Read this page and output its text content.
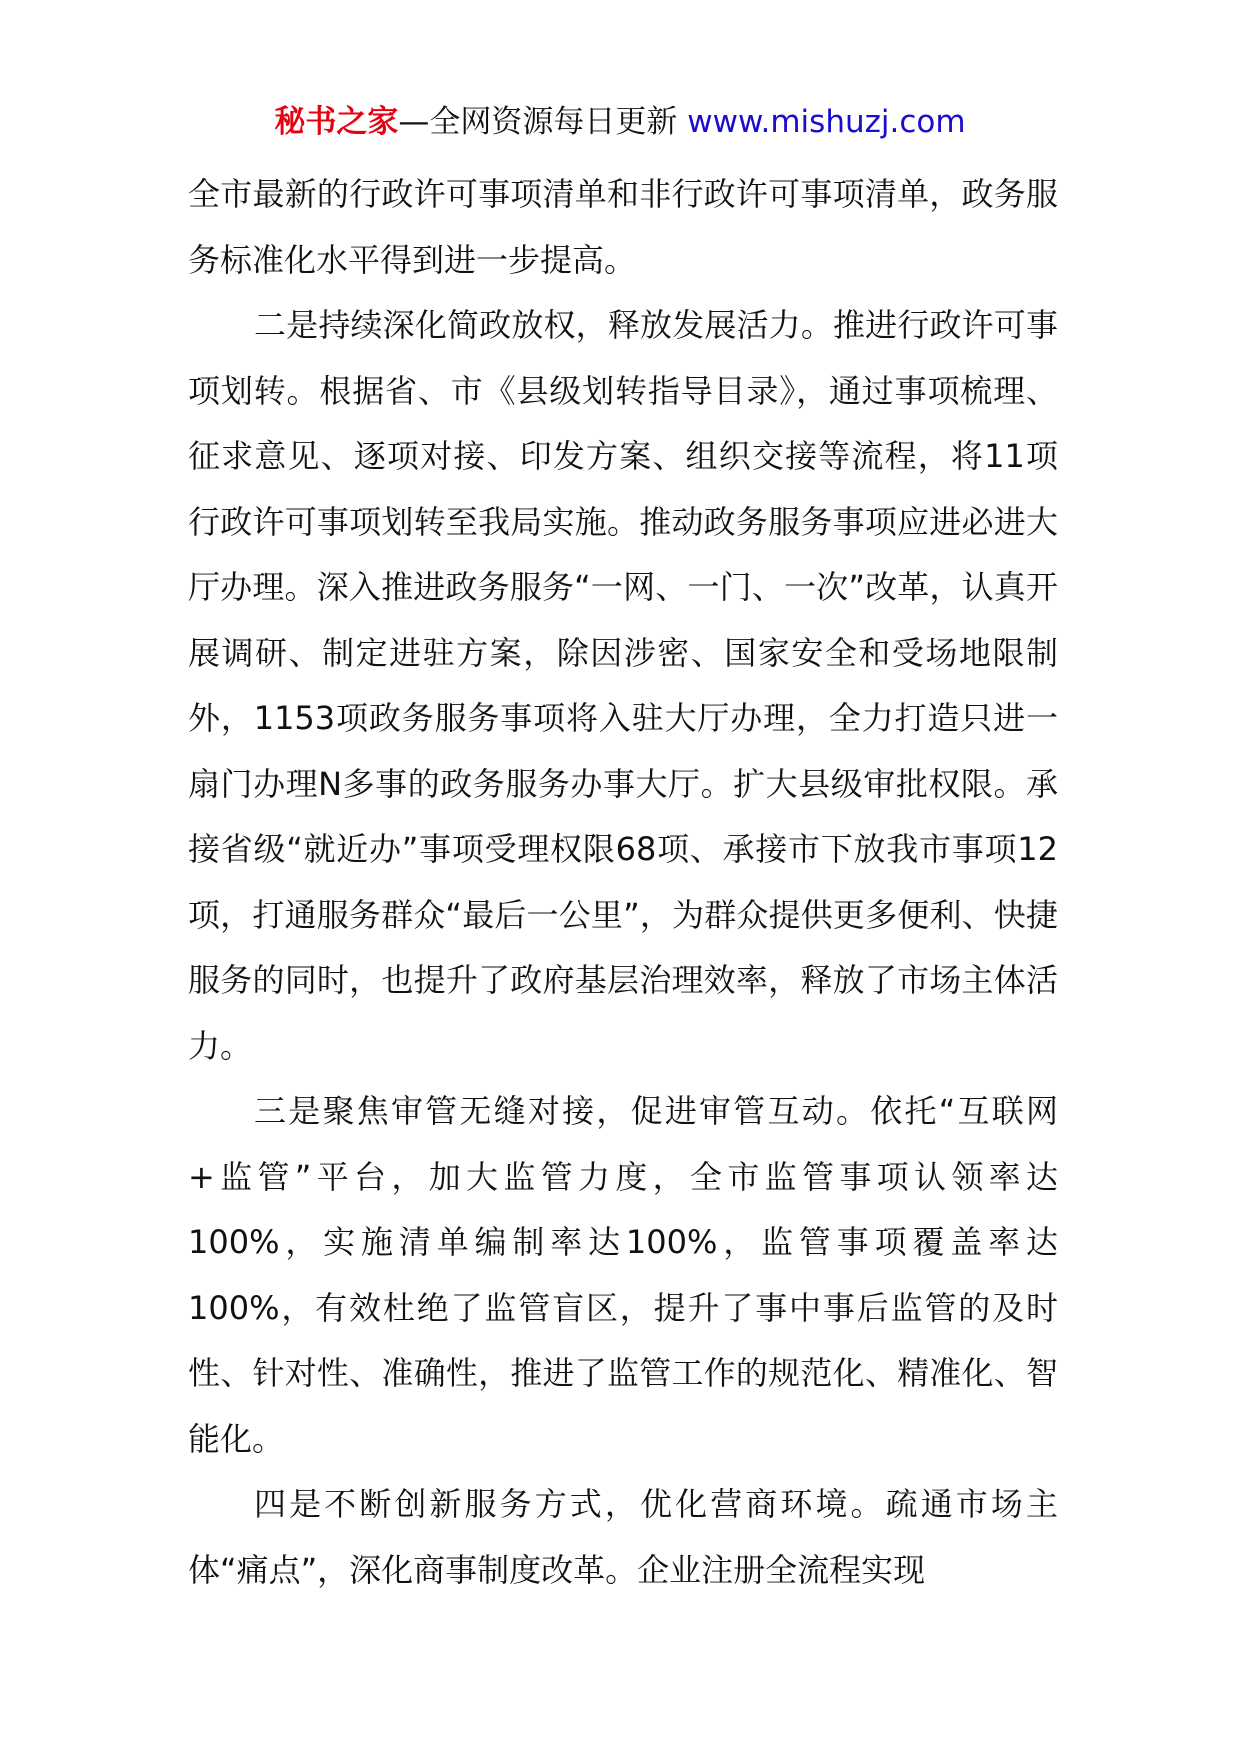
秘书之家—全网资源每日更新 www.mishuzj.com

全市最新的行政许可事项清单和非行政许可事项清单，政务服务标准化水平得到进一步提高。

二是持续深化简政放权，释放发展活力。推进行政许可事项划转。根据省、市《县级划转指导目录》，通过事项梳理、征求意见、逐项对接、印发方案、组织交接等流程，将11项行政许可事项划转至我局实施。推动政务服务事项应进必进大厅办理。深入推进政务服务“一网、一门、一次”改革，认真开展调研、制定进驻方案，除因涉密、国家安全和受场地限制外，1153项政务服务事项将入驻大厅办理，全力打造只进一扇门办理N多事的政务服务办事大厅。扩大县级审批权限。承接省级“就近办”事项受理权限68项、承接市下放我市事项12项，打通服务群众“最后一公里”，为群众提供更多便利、快捷服务的同时，也提升了政府基层治理效率，释放了市场主体活力。

三是聚焦审管无缝对接，促进审管互动。依托“互联网+监管”平台，加大监管力度，全市监管事项认领率达100%，实施清单编制率达100%，监管事项覆盖率达100%，有效杜绝了监管盲区，提升了事中事后监管的及时性、针对性、准确性，推进了监管工作的规范化、精准化、智能化。

四是不断创新服务方式，优化营商环境。疏通市场主体“痛点”，深化商事制度改革。企业注册全流程实现
